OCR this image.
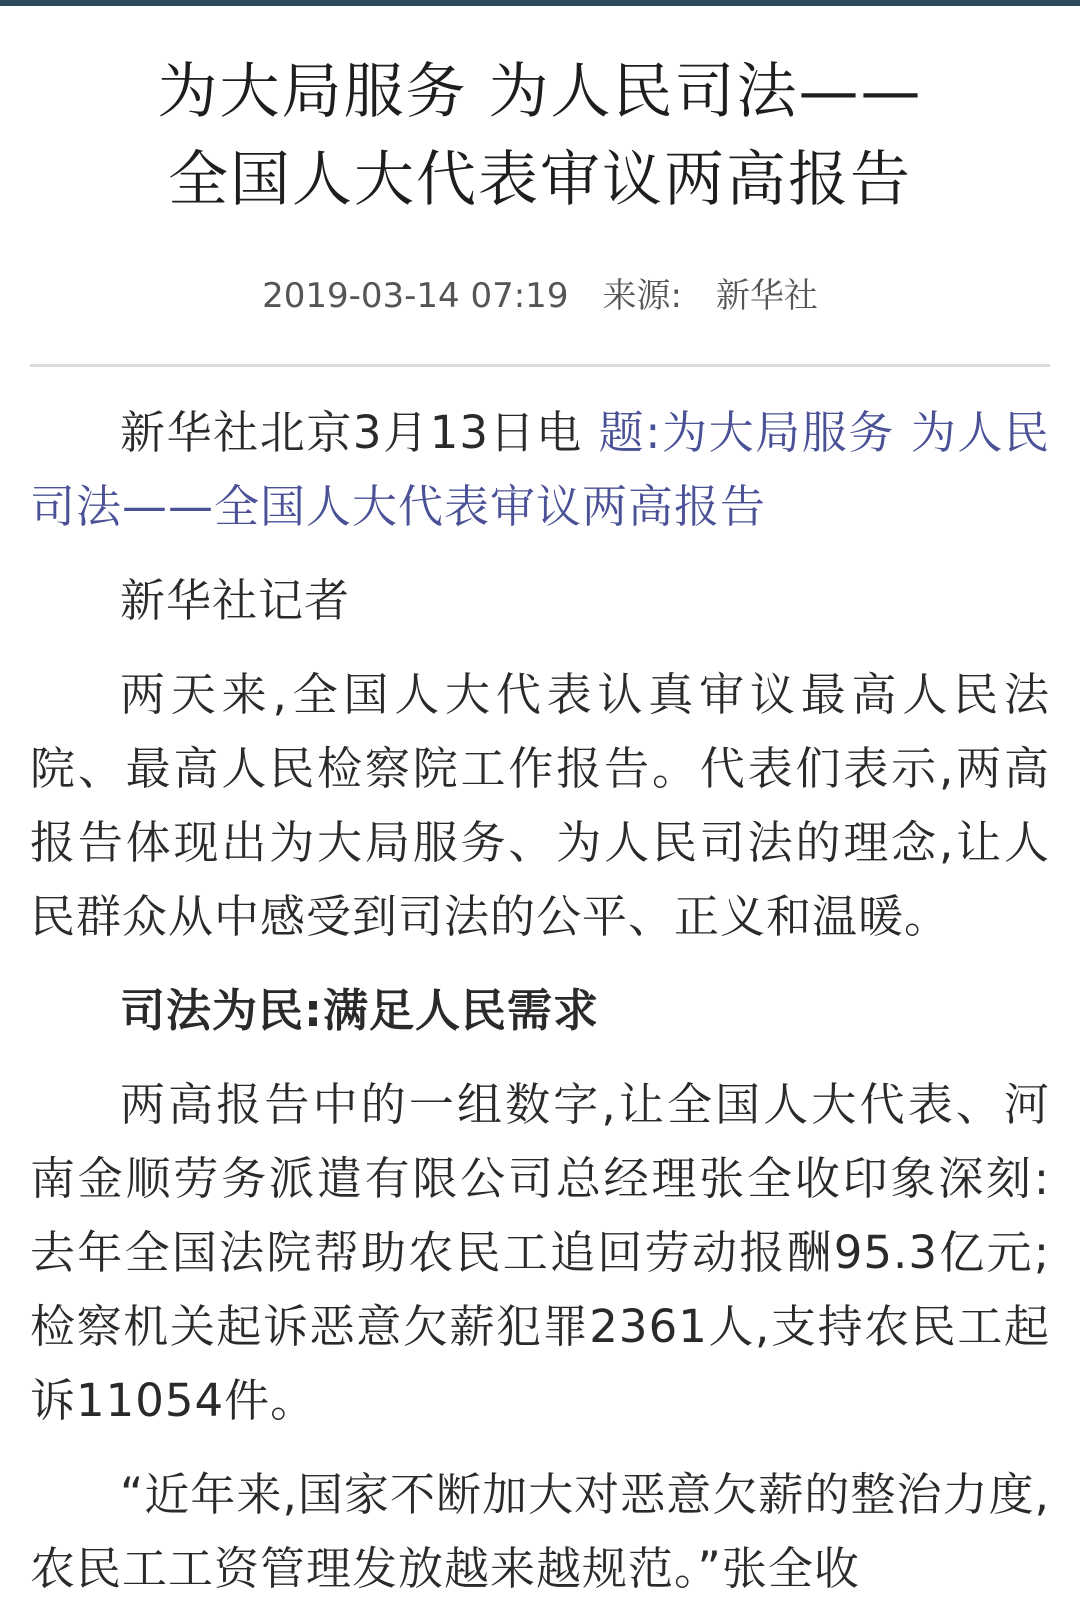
为大局服务 为人民司法——
全国人大代表审议两高报告
2019-03-14 07:19 来源: 新华社

新华社北京3月13日电 题:为大局服务 为人民司法——全国人大代表审议两高报告

新华社记者

两天来,全国人大代表认真审议最高人民法院、最高人民检察院工作报告。代表们表示,两高报告体现出为大局服务、为人民司法的理念,让人民群众从中感受到司法的公平、正义和温暖。

司法为民:满足人民需求

两高报告中的一组数字,让全国人大代表、河南金顺劳务派遣有限公司总经理张全收印象深刻:去年全国法院帮助农民工追回劳动报酬95.3亿元;检察机关起诉恶意欠薪犯罪2361人,支持农民工起诉11054件。

“近年来,国家不断加大对恶意欠薪的整治力度,农民工工资管理发放越来越规范。”张全收
